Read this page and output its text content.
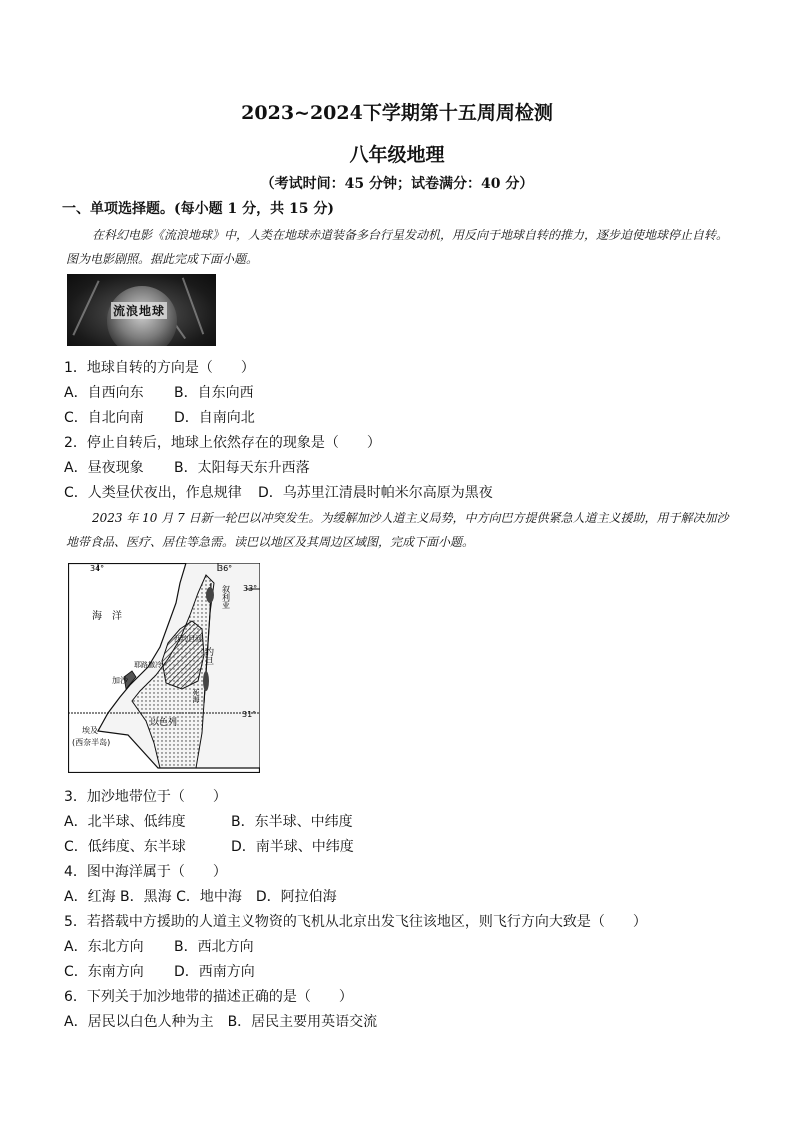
2023~2024下学期第十五周周检测
八年级地理
（考试时间：45 分钟；试卷满分：40 分）
一、单项选择题。(每小题 1 分，共 15 分)
在科幻电影《流浪地球》中，人类在地球赤道装备多台行星发动机，用反向于地球自转的推力，逐步迫使地球停止自转。图为电影剧照。据此完成下面小题。
流浪地球
1．地球自转的方向是（　　）
A．自西向东 B．自东向西
C．自北向南 D．自南向北
2．停止自转后，地球上依然存在的现象是（　　）
A．昼夜现象 B．太阳每天东升西落
C．人类昼伏夜出，作息规律 D．乌苏里江清晨时帕米尔高原为黑夜
2023 年 10 月 7 日新一轮巴以冲突发生。为缓解加沙人道主义局势，中方向巴方提供紧急人道主义援助，用于解决加沙地带食品、医疗、居住等急需。读巴以地区及其周边区域图，完成下面小题。
34°	36°
33°
31°
海　洋
叙利亚
约旦
西约旦河
耶路撒冷
加沙
死海
以色列
埃及
(西奈半岛)
3．加沙地带位于（　　）
A．北半球、低纬度	B．东半球、中纬度
C．低纬度、东半球	D．南半球、中纬度
4．图中海洋属于（　　）
A．红海 B．黑海 C．地中海　D．阿拉伯海
5．若搭载中方援助的人道主义物资的飞机从北京出发飞往该地区，则飞行方向大致是（　　）
A．东北方向 B．西北方向
C．东南方向 D．西南方向
6．下列关于加沙地带的描述正确的是（　　）
A．居民以白色人种为主　B．居民主要用英语交流
